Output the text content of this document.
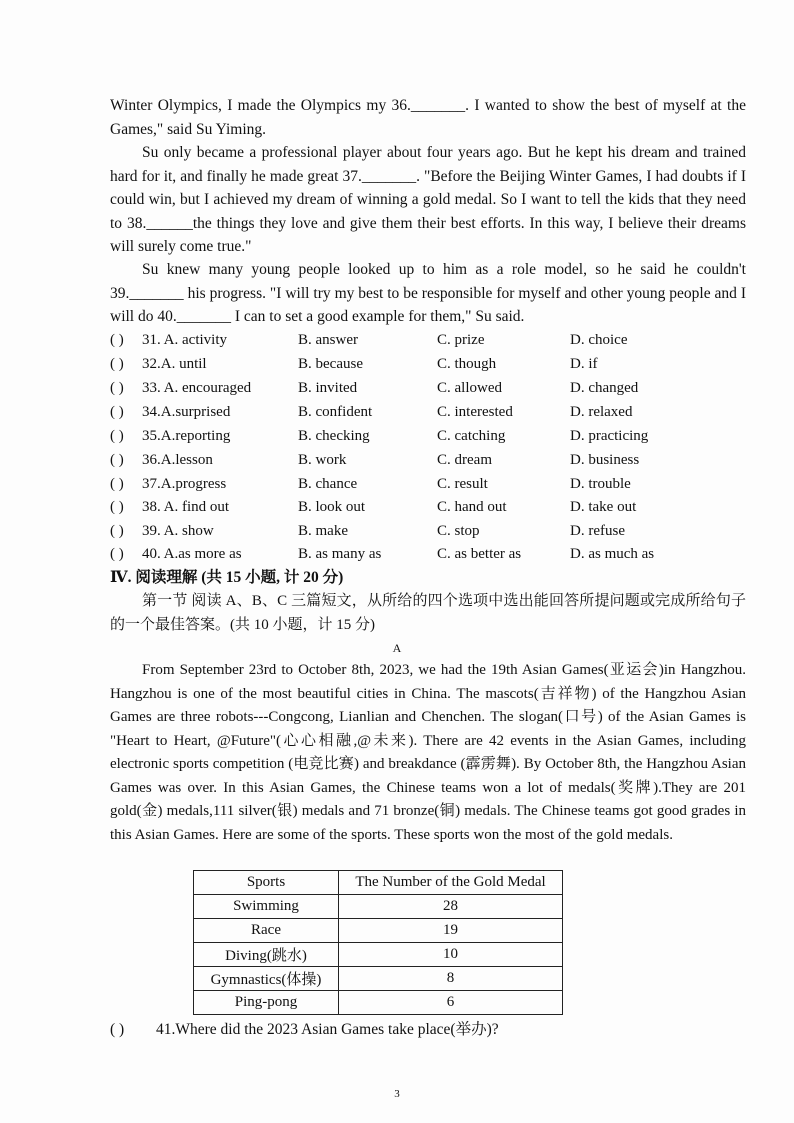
Winter Olympics, I made the Olympics my 36._______. I wanted to show the best of myself at the Games," said Su Yiming.

Su only became a professional player about four years ago. But he kept his dream and trained hard for it, and finally he made great 37._______. "Before the Beijing Winter Games, I had doubts if I could win, but I achieved my dream of winning a gold medal. So I want to tell the kids that they need to 38.______the things they love and give them their best efforts. In this way, I believe their dreams will surely come true."

Su knew many young people looked up to him as a role model, so he said he couldn't 39._______ his progress. "I will try my best to be responsible for myself and other young people and I will do 40._______ I can to set a good example for them," Su said.

( ) 31. A. activity	B. answer	C. prize	D. choice
( ) 32.A. until	B. because	C. though	D. if
( ) 33. A. encouraged	B. invited	C. allowed	D. changed
( ) 34.A.surprised	B. confident	C. interested	D. relaxed
( ) 35.A.reporting	B. checking	C. catching	D. practicing
( ) 36.A.lesson	B. work	C. dream	D. business
( ) 37.A.progress	B. chance	C. result	D. trouble
( ) 38. A. find out	B. look out	C. hand out	D. take out
( ) 39. A. show	B. make	C. stop	D. refuse
( ) 40. A.as more as	B. as many as	C. as better as	D. as much as
Ⅳ. 阅读理解 (共 15 小题, 计 20 分)

第一节 阅读 A、B、C 三篇短文，从所给的四个选项中选出能回答所提问题或完成所给句子的一个最佳答案。(共 10 小题，计 15 分)

A

From September 23rd to October 8th, 2023, we had the 19th Asian Games(亚运会)in Hangzhou. Hangzhou is one of the most beautiful cities in China. The mascots(吉祥物) of the Hangzhou Asian Games are three robots---Congcong, Lianlian and Chenchen. The slogan(口号) of the Asian Games is "Heart to Heart, @Future"(心心相融,@未来). There are 42 events in the Asian Games, including electronic sports competition (电竞比赛) and breakdance (霹雳舞). By October 8th, the Hangzhou Asian Games was over. In this Asian Games, the Chinese teams won a lot of medals(奖牌).They are 201 gold(金) medals,111 silver(银) medals and 71 bronze(铜) medals. The Chinese teams got good grades in this Asian Games. Here are some of the sports. These sports won the most of the gold medals.

Sports	The Number of the Gold Medal
Swimming	28
Race	19
Diving(跳水)	10
Gymnastics(体操)	8
Ping-pong	6
( ) 41.Where did the 2023 Asian Games take place(举办)?
3
